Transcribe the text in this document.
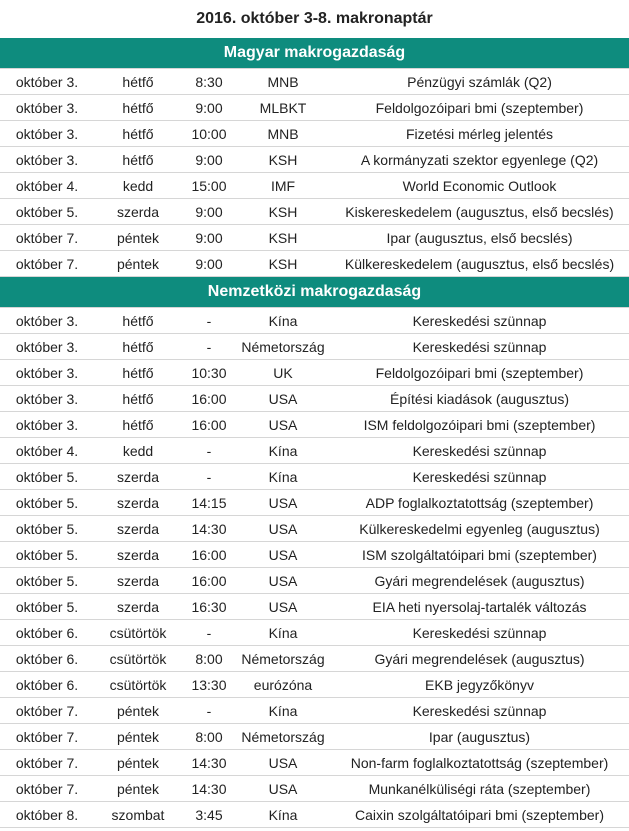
2016. október 3-8. makronaptár
Magyar makrogazdaság
október 3.	hétfő	8:30	MNB	Pénzügyi számlák (Q2)
október 3.	hétfő	9:00	MLBKT	Feldolgozóipari bmi (szeptember)
október 3.	hétfő	10:00	MNB	Fizetési mérleg jelentés
október 3.	hétfő	9:00	KSH	A kormányzati szektor egyenlege (Q2)
október 4.	kedd	15:00	IMF	World Economic Outlook
október 5.	szerda	9:00	KSH	Kiskereskedelem (augusztus, első becslés)
október 7.	péntek	9:00	KSH	Ipar (augusztus, első becslés)
október 7.	péntek	9:00	KSH	Külkereskedelem (augusztus, első becslés)
Nemzetközi makrogazdaság
október 3.	hétfő	-	Kína	Kereskedési szünnap
október 3.	hétfő	-	Németország	Kereskedési szünnap
október 3.	hétfő	10:30	UK	Feldolgozóipari bmi (szeptember)
október 3.	hétfő	16:00	USA	Építési kiadások (augusztus)
október 3.	hétfő	16:00	USA	ISM feldolgozóipari bmi (szeptember)
október 4.	kedd	-	Kína	Kereskedési szünnap
október 5.	szerda	-	Kína	Kereskedési szünnap
október 5.	szerda	14:15	USA	ADP foglalkoztatottság (szeptember)
október 5.	szerda	14:30	USA	Külkereskedelmi egyenleg (augusztus)
október 5.	szerda	16:00	USA	ISM szolgáltatóipari bmi (szeptember)
október 5.	szerda	16:00	USA	Gyári megrendelések (augusztus)
október 5.	szerda	16:30	USA	EIA heti nyersolaj-tartalék változás
október 6.	csütörtök	-	Kína	Kereskedési szünnap
október 6.	csütörtök	8:00	Németország	Gyári megrendelések (augusztus)
október 6.	csütörtök	13:30	eurózóna	EKB jegyzőkönyv
október 7.	péntek	-	Kína	Kereskedési szünnap
október 7.	péntek	8:00	Németország	Ipar (augusztus)
október 7.	péntek	14:30	USA	Non-farm foglalkoztatottság (szeptember)
október 7.	péntek	14:30	USA	Munkanélküliségi ráta (szeptember)
október 8.	szombat	3:45	Kína	Caixin szolgáltatóipari bmi (szeptember)
